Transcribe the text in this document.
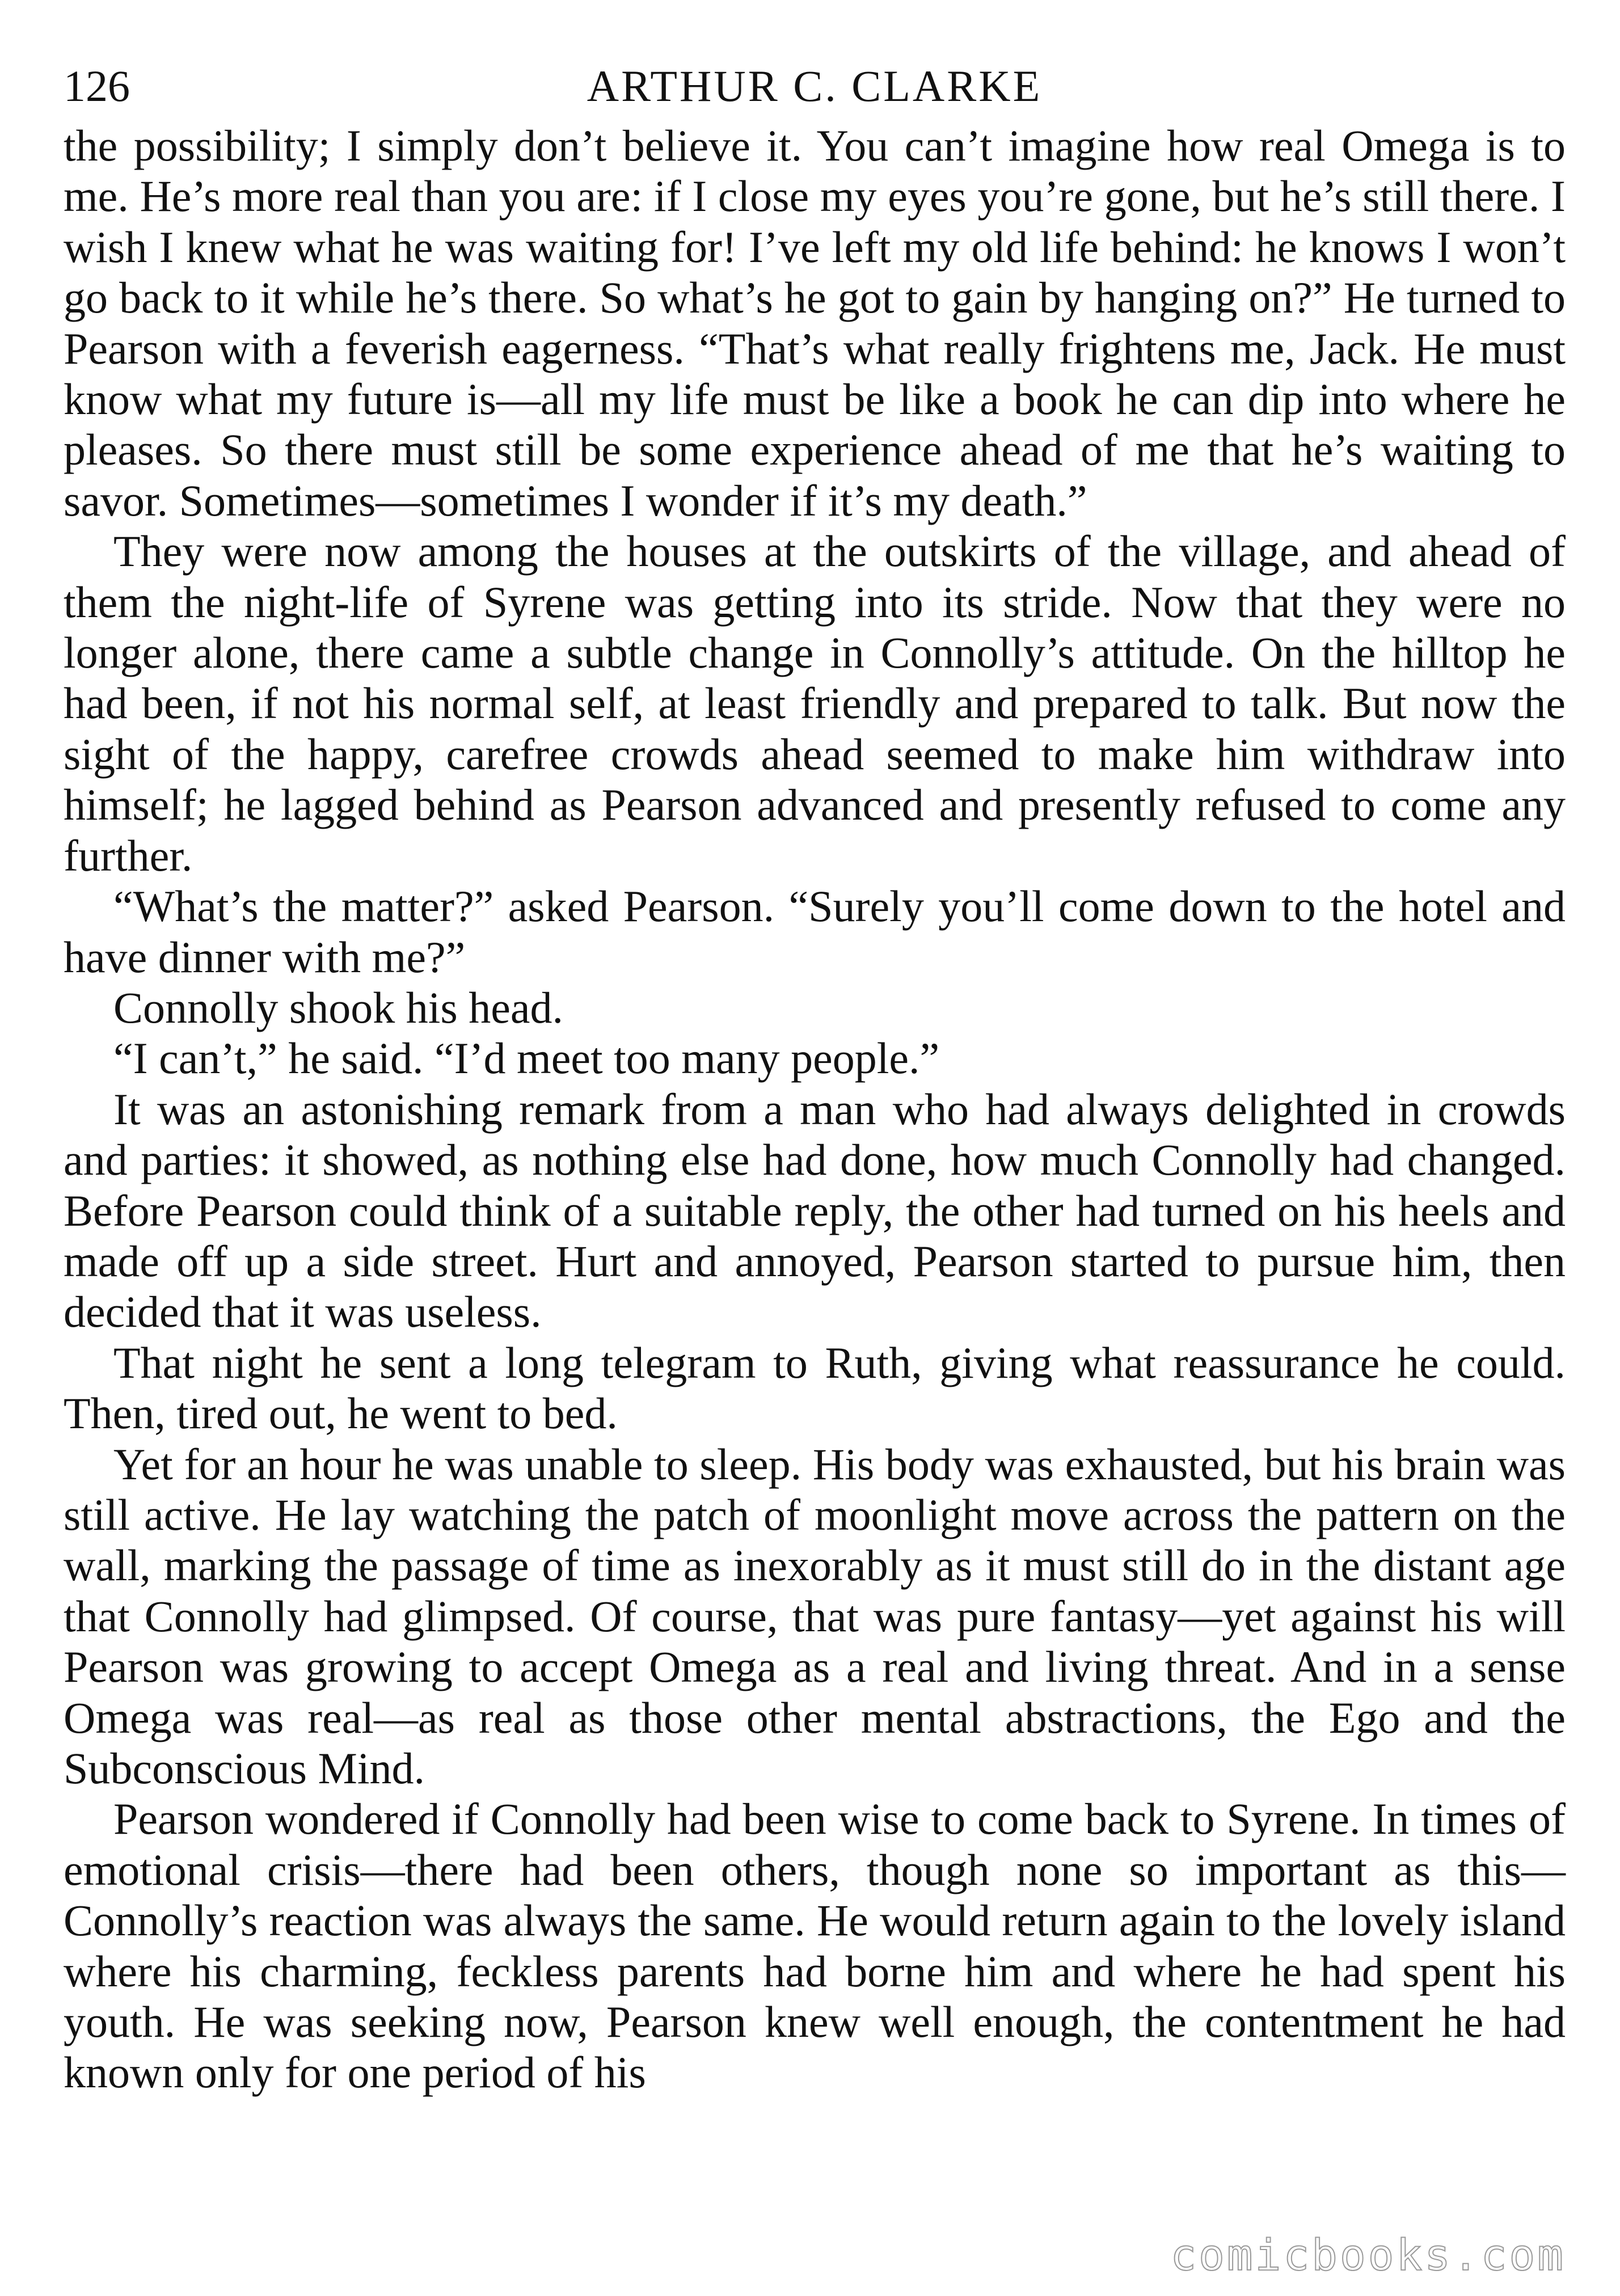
126	ARTHUR C. CLARKE

the possibility; I simply don’t believe it. You can’t imagine how real Omega is to me. He’s more real than you are: if I close my eyes you’re gone, but he’s still there. I wish I knew what he was waiting for! I’ve left my old life behind: he knows I won’t go back to it while he’s there. So what’s he got to gain by hanging on?” He turned to Pearson with a feverish eagerness. “That’s what really frightens me, Jack. He must know what my future is—all my life must be like a book he can dip into where he pleases. So there must still be some experience ahead of me that he’s waiting to savor. Sometimes—sometimes I wonder if it’s my death.”

They were now among the houses at the outskirts of the village, and ahead of them the night-life of Syrene was getting into its stride. Now that they were no longer alone, there came a subtle change in Connolly’s attitude. On the hilltop he had been, if not his normal self, at least friendly and prepared to talk. But now the sight of the happy, carefree crowds ahead seemed to make him withdraw into himself; he lagged behind as Pearson advanced and presently refused to come any further.

“What’s the matter?” asked Pearson. “Surely you’ll come down to the hotel and have dinner with me?”

Connolly shook his head.

“I can’t,” he said. “I’d meet too many people.”

It was an astonishing remark from a man who had always delighted in crowds and parties: it showed, as nothing else had done, how much Connolly had changed. Before Pearson could think of a suitable reply, the other had turned on his heels and made off up a side street. Hurt and annoyed, Pearson started to pursue him, then decided that it was useless.

That night he sent a long telegram to Ruth, giving what reassurance he could. Then, tired out, he went to bed.

Yet for an hour he was unable to sleep. His body was exhausted, but his brain was still active. He lay watching the patch of moonlight move across the pattern on the wall, marking the passage of time as inexorably as it must still do in the distant age that Connolly had glimpsed. Of course, that was pure fantasy—yet against his will Pearson was growing to accept Omega as a real and living threat. And in a sense Omega was real—as real as those other mental abstractions, the Ego and the Subconscious Mind.

Pearson wondered if Connolly had been wise to come back to Syrene. In times of emotional crisis—there had been others, though none so important as this—Connolly’s reaction was always the same. He would return again to the lovely island where his charming, feckless parents had borne him and where he had spent his youth. He was seeking now, Pearson knew well enough, the contentment he had known only for one period of his

comicbooks.com
